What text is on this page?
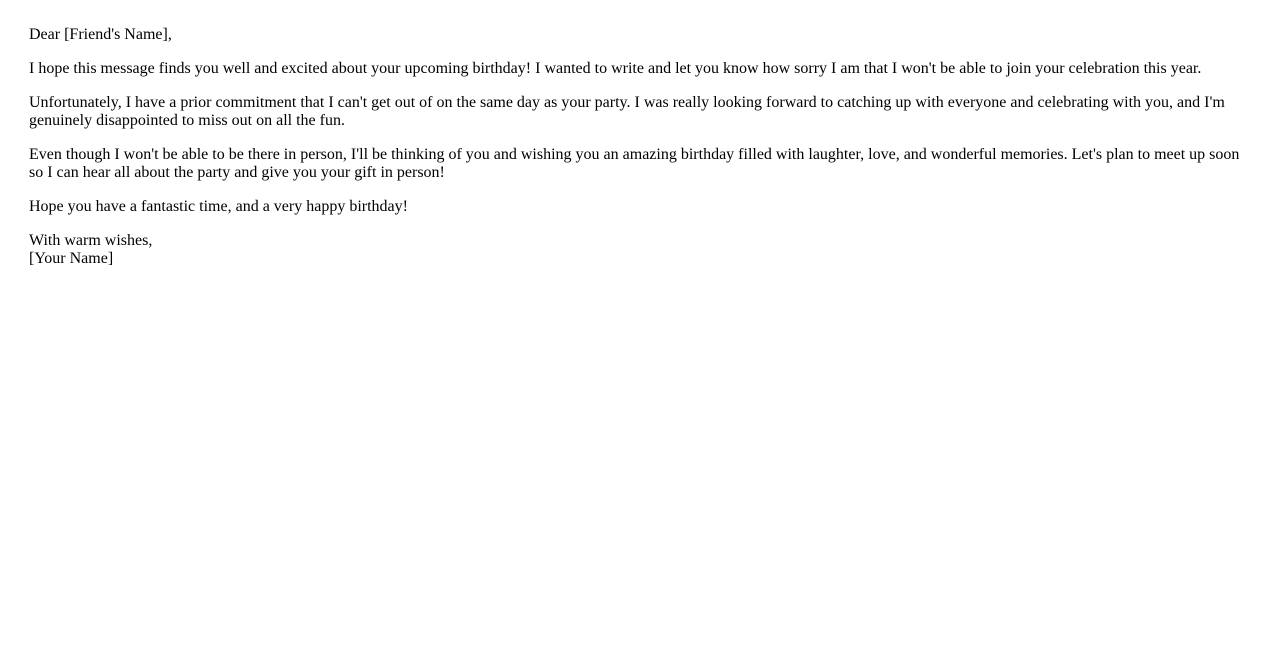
Dear [Friend's Name],

I hope this message finds you well and excited about your upcoming birthday! I wanted to write and let you know how sorry I am that I won't be able to join your celebration this year.

Unfortunately, I have a prior commitment that I can't get out of on the same day as your party. I was really looking forward to catching up with everyone and celebrating with you, and I'm genuinely disappointed to miss out on all the fun.

Even though I won't be able to be there in person, I'll be thinking of you and wishing you an amazing birthday filled with laughter, love, and wonderful memories. Let's plan to meet up soon so I can hear all about the party and give you your gift in person!

Hope you have a fantastic time, and a very happy birthday!

With warm wishes,
[Your Name]
